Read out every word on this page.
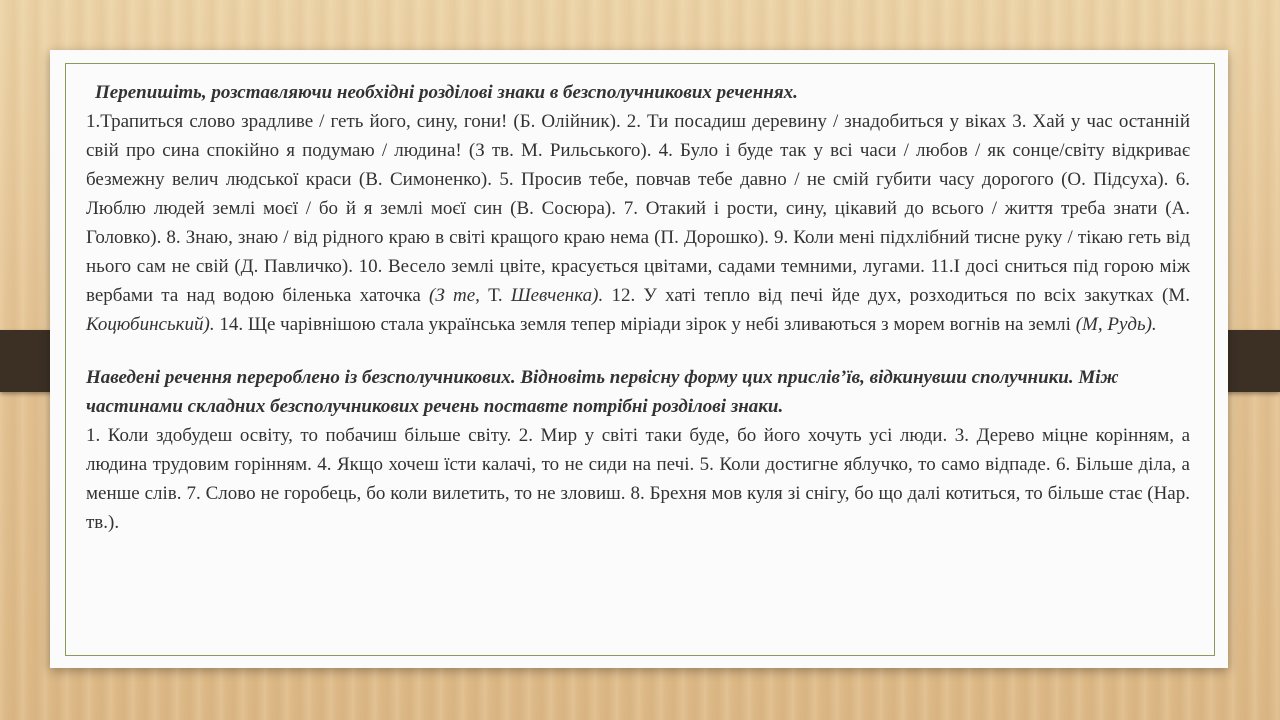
Перепишіть, розставляючи необхідні розділові знаки в безсполучникових реченнях.

1.Трапиться слово зрадливе / геть його, сину, гони! (Б. Олійник). 2. Ти посадиш деревину / знадобиться у віках 3. Хай у час останній свій про сина спокійно я подумаю / людина! (З тв. М. Рильського). 4. Було і буде так у всі часи / любов / як сонце/світу відкриває безмежну велич людської краси (В. Симоненко). 5. Просив тебе, повчав тебе давно / не смій губити часу дорогого (О. Підсуха). 6. Люблю людей землі моєї / бо й я землі моєї син (В. Сосюра). 7. Отакий і рости, сину, цікавий до всього / життя треба знати (А. Головко). 8. Знаю, знаю / від рідного краю в світі кращого краю нема (П. Дорошко). 9. Коли мені підхлібний тисне руку / тікаю геть від нього сам не свій (Д. Павличко). 10. Весело землі цвіте, красується цвітами, садами темними, лугами. 11.І досі сниться під горою між вербами та над водою біленька хаточка (З те, Т. Шевченка). 12. У хаті тепло від печі йде дух, розходиться по всіх закутках (М. Коцюбинський). 14. Ще чарівнішою стала українська земля тепер міріади зірок у небі зливаються з морем вогнів на землі (М, Рудь).

Наведені речення перероблено із безсполучникових. Відновіть первісну форму цих прислів’їв, відкинувши сполучники. Між частинами складних безсполучникових речень поставте потрібні розділові знаки.

1. Коли здобудеш освіту, то побачиш більше світу. 2. Мир у світі таки буде, бо його хочуть усі люди. 3. Дерево міцне корінням, а людина трудовим горінням. 4. Якщо хочеш їсти калачі, то не сиди на печі. 5. Коли достигне яблучко, то само відпаде. 6. Більше діла, а менше слів. 7. Слово не горобець, бо коли вилетить, то не зловиш. 8. Брехня мов куля зі снігу, бо що далі котиться, то більше стає (Нар. тв.).
